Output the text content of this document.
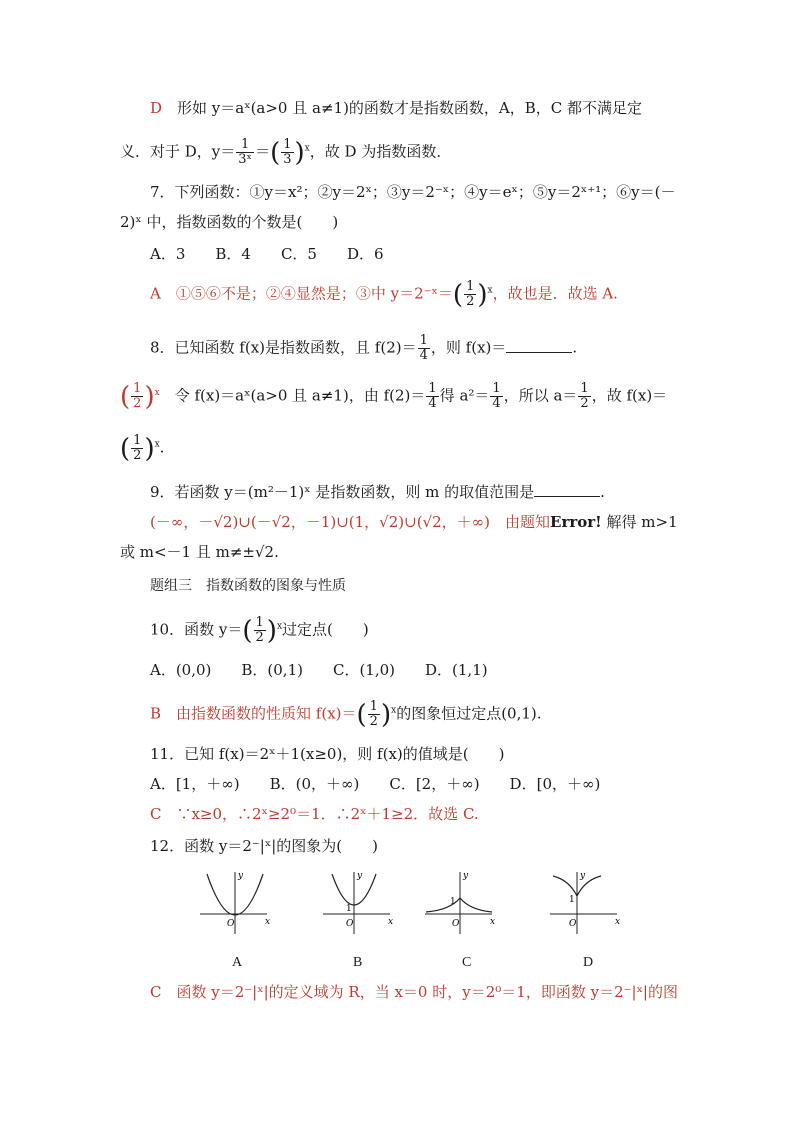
D　形如 y＝aˣ(a>0 且 a≠1)的函数才是指数函数，A，B，C 都不满足定
义．对于 D，$y= \frac{1}{\text{3ˣ}}$ ＝( $\frac{1}{3} )^x$，故 D 为指数函数．
7．下列函数：①y＝x²；②y＝2ˣ；③y＝2⁻ˣ；④y＝eˣ；⑤y＝2ˣ⁺¹；⑥y＝(－
2)ˣ 中，指数函数的个数是(　　)
A．3　　B．4　　C．5　　D．6
A　①⑤⑥不是；②④显然是；③中 y＝2⁻ˣ＝( $\frac{1}{2} )^x$，故也是．故选 A.
8．已知函数 f(x)是指数函数，且 $f(2)= \frac{1}{4}$ ，则 f(x)＝	.
( $\frac{1}{2} )^x$　 令 f(x)＝aˣ(a>0 且 a≠1)，由 $f(2)= \frac{1}{4}$ 得 $a^2= \frac{1}{4}$ ，所以 $a= \frac{1}{2}$ ，故 f(x)＝
( $\frac{1}{2} )^x$.
9．若函数 y＝(m²－1)ˣ 是指数函数，则 m 的取值范围是	.
(－∞，－√2)∪(－√2，－1)∪(1，√2)∪(√2，＋∞)　由题知Error! 解得 m>1
或 m<－1 且 m≠±√2.
题组三　指数函数的图象与性质
10．函数 $y=( \frac{1}{2} )^x$过定点(　　)
A．(0,0)　　B．(0,1)　　C．(1,0)　　D．(1,1)
B　由指数函数的性质知 $f(x)=( \frac{1}{2} )^x$的图象恒过定点(0,1).
11．已知 f(x)＝2ˣ＋1(x≥0)，则 f(x)的值域是(　　)
A．[1，＋∞)　　B．(0，＋∞)　　C．[2，＋∞)　　D．[0，＋∞)
C　∵x≥0，∴2ˣ≥2⁰＝1．∴2ˣ＋1≥2．故选 C.
12．函数 y＝2⁻|ˣ|的图象为(　　)
y
x
O
A
y
x
O
1
B
y
x
O
1
C
y
x
O
1
D
C　函数 y＝2⁻|ˣ|的定义域为 R，当 x＝0 时，y＝2⁰＝1，即函数 y＝2⁻|ˣ|的图
